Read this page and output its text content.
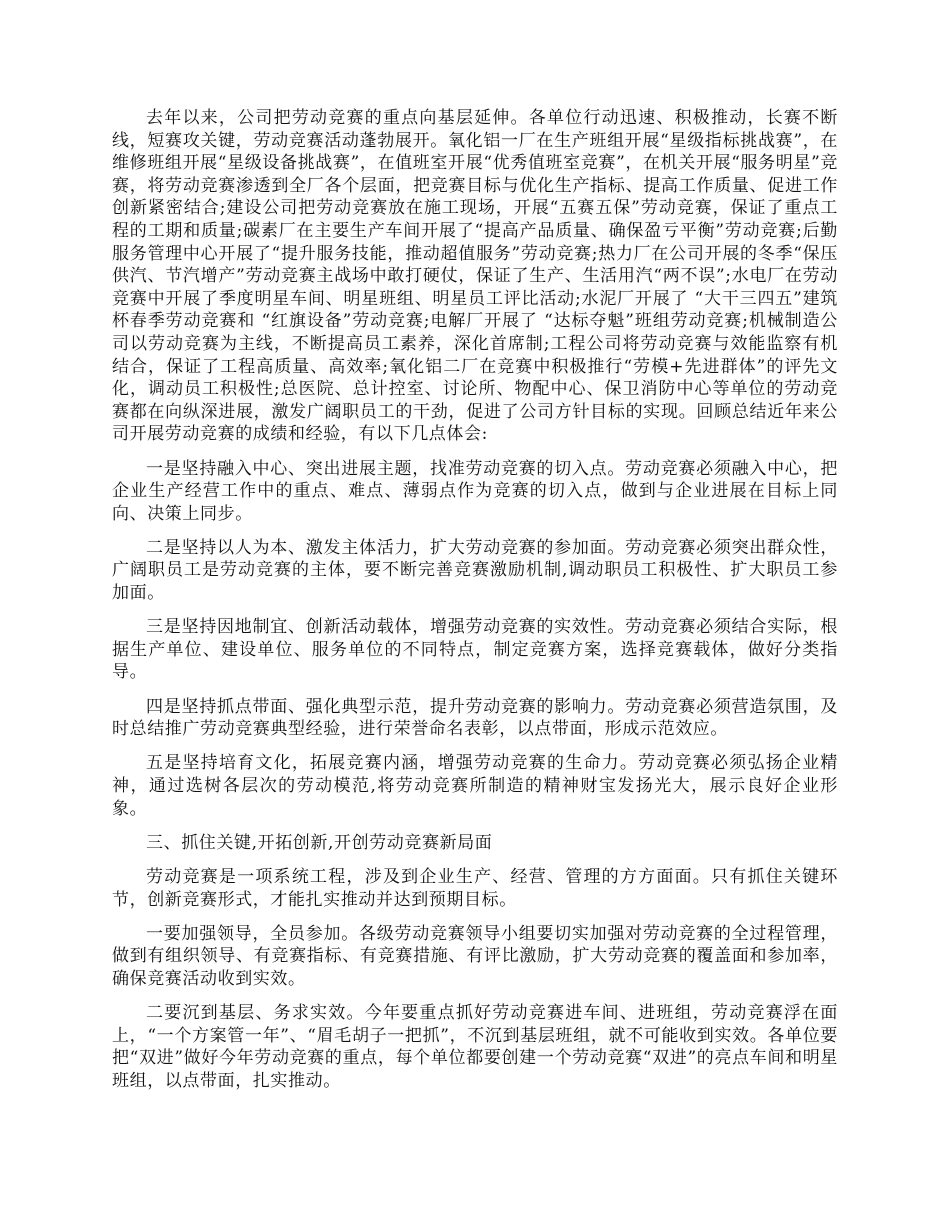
去年以来，公司把劳动竞赛的重点向基层延伸。各单位行动迅速、积极推动，长赛不断线，短赛攻关键，劳动竞赛活动蓬勃展开。氧化铝一厂在生产班组开展“星级指标挑战赛”，在维修班组开展“星级设备挑战赛”，在值班室开展“优秀值班室竞赛”，在机关开展“服务明星”竞赛，将劳动竞赛渗透到全厂各个层面，把竞赛目标与优化生产指标、提高工作质量、促进工作创新紧密结合;建设公司把劳动竞赛放在施工现场，开展“五赛五保”劳动竞赛，保证了重点工程的工期和质量;碳素厂在主要生产车间开展了“提高产品质量、确保盈亏平衡”劳动竞赛;后勤服务管理中心开展了“提升服务技能，推动超值服务”劳动竞赛;热力厂在公司开展的冬季“保压供汽、节汽增产”劳动竞赛主战场中敢打硬仗，保证了生产、生活用汽“两不误”;水电厂在劳动竞赛中开展了季度明星车间、明星班组、明星员工评比活动;水泥厂开展了 “大干三四五”建筑杯春季劳动竞赛和 “红旗设备”劳动竞赛;电解厂开展了 “达标夺魁”班组劳动竞赛;机械制造公司以劳动竞赛为主线，不断提高员工素养，深化首席制;工程公司将劳动竞赛与效能监察有机结合，保证了工程高质量、高效率;氧化铝二厂在竞赛中积极推行“劳模+先进群体”的评先文化，调动员工积极性;总医院、总计控室、讨论所、物配中心、保卫消防中心等单位的劳动竞赛都在向纵深进展，激发广阔职员工的干劲，促进了公司方针目标的实现。回顾总结近年来公司开展劳动竞赛的成绩和经验，有以下几点体会:

一是坚持融入中心、突出进展主题，找准劳动竞赛的切入点。劳动竞赛必须融入中心，把企业生产经营工作中的重点、难点、薄弱点作为竞赛的切入点，做到与企业进展在目标上同向、决策上同步。

二是坚持以人为本、激发主体活力，扩大劳动竞赛的参加面。劳动竞赛必须突出群众性，广阔职员工是劳动竞赛的主体，要不断完善竞赛激励机制,调动职员工积极性、扩大职员工参加面。

三是坚持因地制宜、创新活动载体，增强劳动竞赛的实效性。劳动竞赛必须结合实际，根据生产单位、建设单位、服务单位的不同特点，制定竞赛方案，选择竞赛载体，做好分类指导。

四是坚持抓点带面、强化典型示范，提升劳动竞赛的影响力。劳动竞赛必须营造氛围，及时总结推广劳动竞赛典型经验，进行荣誉命名表彰，以点带面，形成示范效应。

五是坚持培育文化，拓展竞赛内涵，增强劳动竞赛的生命力。劳动竞赛必须弘扬企业精神，通过选树各层次的劳动模范,将劳动竞赛所制造的精神财宝发扬光大，展示良好企业形象。

三、抓住关键,开拓创新,开创劳动竞赛新局面

劳动竞赛是一项系统工程，涉及到企业生产、经营、管理的方方面面。只有抓住关键环节，创新竞赛形式，才能扎实推动并达到预期目标。

一要加强领导，全员参加。各级劳动竞赛领导小组要切实加强对劳动竞赛的全过程管理，做到有组织领导、有竞赛指标、有竞赛措施、有评比激励，扩大劳动竞赛的覆盖面和参加率，确保竞赛活动收到实效。

二要沉到基层、务求实效。今年要重点抓好劳动竞赛进车间、进班组，劳动竞赛浮在面上，“一个方案管一年”、“眉毛胡子一把抓”，不沉到基层班组，就不可能收到实效。各单位要把“双进”做好今年劳动竞赛的重点，每个单位都要创建一个劳动竞赛“双进”的亮点车间和明星班组，以点带面，扎实推动。
